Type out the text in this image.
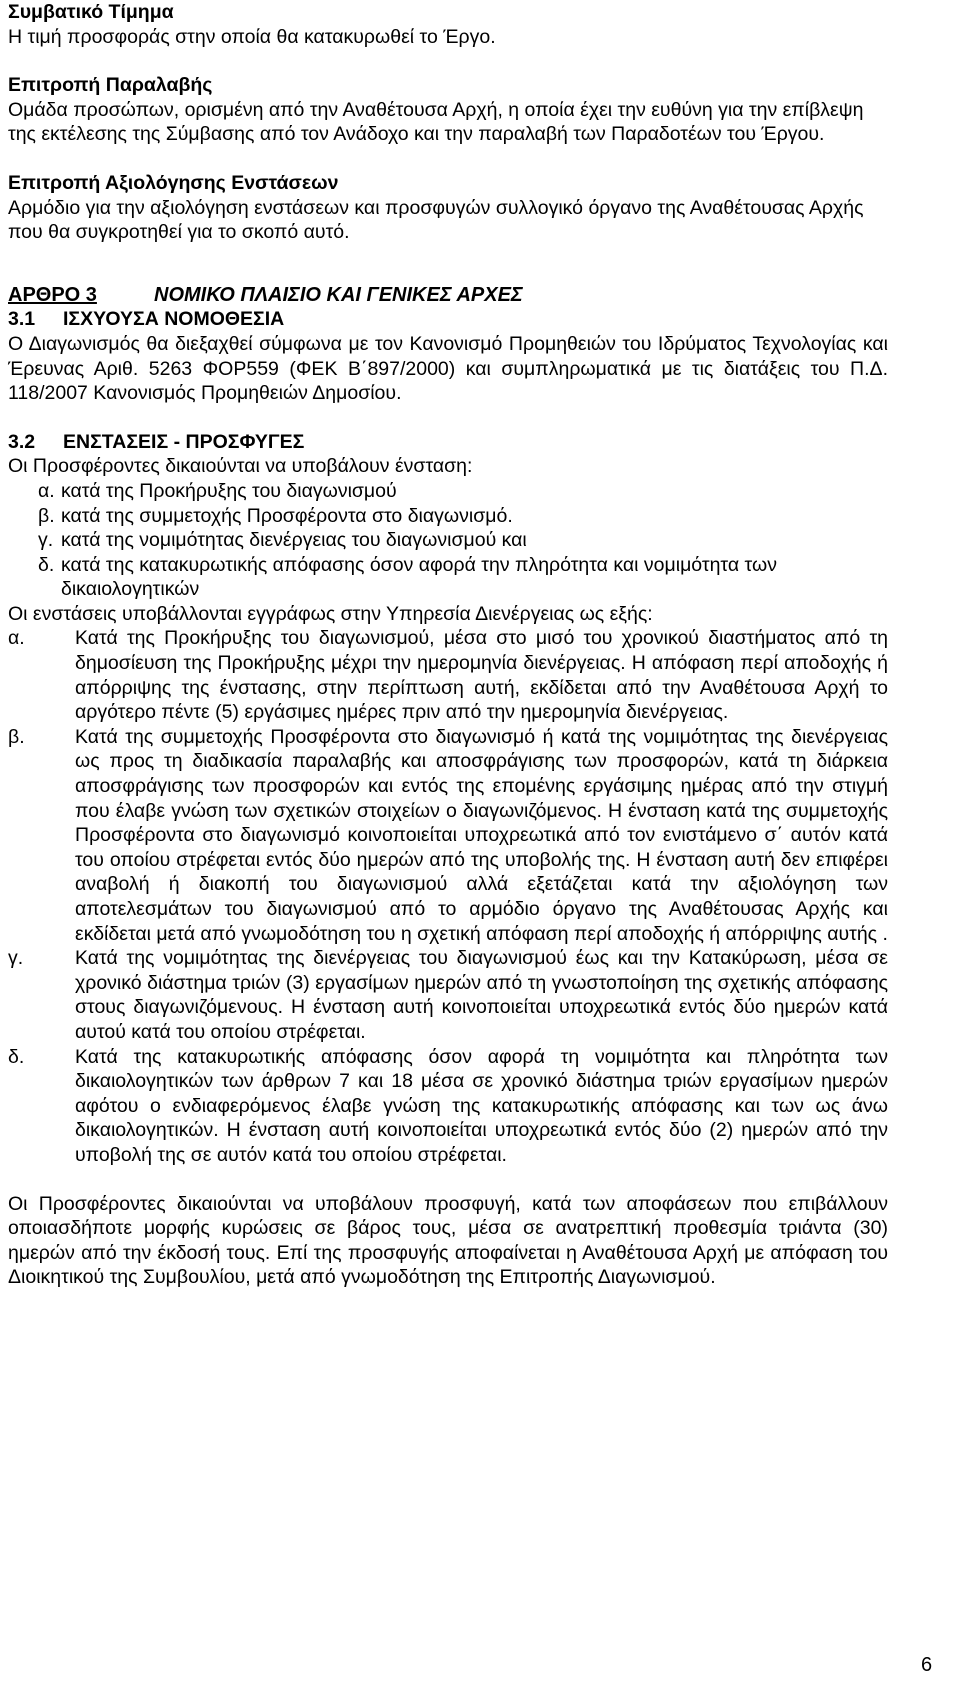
Συμβατικό Τίμημα
Η τιμή προσφοράς στην οποία θα κατακυρωθεί το Έργο.
Επιτροπή Παραλαβής
Ομάδα προσώπων, ορισμένη από την Αναθέτουσα Αρχή, η οποία έχει την ευθύνη για την επίβλεψη της εκτέλεσης της Σύμβασης από τον Ανάδοχο και την παραλαβή των Παραδοτέων του Έργου.
Επιτροπή Αξιολόγησης Ενστάσεων
Αρμόδιο για την αξιολόγηση ενστάσεων και προσφυγών συλλογικό όργανο της Αναθέτουσας Αρχής που θα συγκροτηθεί για το σκοπό αυτό.
ΑΡΘΡΟ 3	ΝΟΜΙΚΟ ΠΛΑΙΣΙΟ ΚΑΙ ΓΕΝΙΚΕΣ ΑΡΧΕΣ
3.1	ΙΣΧΥΟΥΣΑ ΝΟΜΟΘΕΣΙΑ
Ο Διαγωνισμός θα διεξαχθεί σύμφωνα με τον Κανονισμό Προμηθειών του Ιδρύματος Τεχνολογίας και Έρευνας Αριθ. 5263 ΦΟΡ559 (ΦΕΚ Β΄897/2000) και συμπληρωματικά με τις διατάξεις του Π.Δ. 118/2007 Κανονισμός Προμηθειών Δημοσίου.
3.2	ΕΝΣΤΑΣΕΙΣ - ΠΡΟΣΦΥΓΕΣ
Οι Προσφέροντες δικαιούνται να υποβάλουν ένσταση:
α. κατά της Προκήρυξης του διαγωνισμού
β. κατά της συμμετοχής Προσφέροντα στο διαγωνισμό.
γ. κατά της νομιμότητας διενέργειας του διαγωνισμού και
δ. κατά της κατακυρωτικής απόφασης όσον αφορά την πληρότητα και νομιμότητα των δικαιολογητικών
Οι ενστάσεις υποβάλλονται εγγράφως στην Υπηρεσία Διενέργειας ως εξής:
α.	Κατά της Προκήρυξης του διαγωνισμού, μέσα στο μισό του χρονικού διαστήματος από τη δημοσίευση της Προκήρυξης μέχρι την ημερομηνία διενέργειας. Η απόφαση περί αποδοχής ή απόρριψης της ένστασης, στην περίπτωση αυτή, εκδίδεται από την Αναθέτουσα Αρχή το αργότερο πέντε (5) εργάσιμες ημέρες πριν από την ημερομηνία διενέργειας.
β.	Κατά της συμμετοχής Προσφέροντα στο διαγωνισμό ή κατά της νομιμότητας της διενέργειας ως προς τη διαδικασία παραλαβής και αποσφράγισης των προσφορών, κατά τη διάρκεια αποσφράγισης των προσφορών και εντός της επομένης εργάσιμης ημέρας από την στιγμή που έλαβε γνώση των σχετικών στοιχείων ο διαγωνιζόμενος. Η ένσταση κατά της συμμετοχής Προσφέροντα στο διαγωνισμό κοινοποιείται υποχρεωτικά από τον ενιστάμενο σ΄ αυτόν κατά του οποίου στρέφεται εντός δύο ημερών από της υποβολής της. Η ένσταση αυτή δεν επιφέρει αναβολή ή διακοπή του διαγωνισμού αλλά εξετάζεται κατά την αξιολόγηση των αποτελεσμάτων του διαγωνισμού από το αρμόδιο όργανο της Αναθέτουσας Αρχής και εκδίδεται μετά από γνωμοδότηση του η σχετική απόφαση περί αποδοχής ή απόρριψης αυτής .
γ.	Κατά της νομιμότητας της διενέργειας του διαγωνισμού έως και την Κατακύρωση, μέσα σε χρονικό διάστημα τριών (3) εργασίμων ημερών από τη γνωστοποίηση της σχετικής απόφασης στους διαγωνιζόμενους. Η ένσταση αυτή κοινοποιείται υποχρεωτικά εντός δύο ημερών κατά αυτού κατά του οποίου στρέφεται.
δ.	Κατά της κατακυρωτικής απόφασης όσον αφορά τη νομιμότητα και πληρότητα των δικαιολογητικών των άρθρων 7 και 18 μέσα σε χρονικό διάστημα τριών εργασίμων ημερών αφότου ο ενδιαφερόμενος έλαβε γνώση της κατακυρωτικής απόφασης και των ως άνω δικαιολογητικών. Η ένσταση αυτή κοινοποιείται υποχρεωτικά εντός δύο (2) ημερών από την υποβολή της σε αυτόν κατά του οποίου στρέφεται.
Οι Προσφέροντες δικαιούνται να υποβάλουν προσφυγή, κατά των αποφάσεων που επιβάλλουν οποιασδήποτε μορφής κυρώσεις σε βάρος τους, μέσα σε ανατρεπτική προθεσμία τριάντα (30) ημερών από την έκδοσή τους. Επί της προσφυγής αποφαίνεται η Αναθέτουσα Αρχή με απόφαση του Διοικητικού της Συμβουλίου, μετά από γνωμοδότηση της Επιτροπής Διαγωνισμού.
6
